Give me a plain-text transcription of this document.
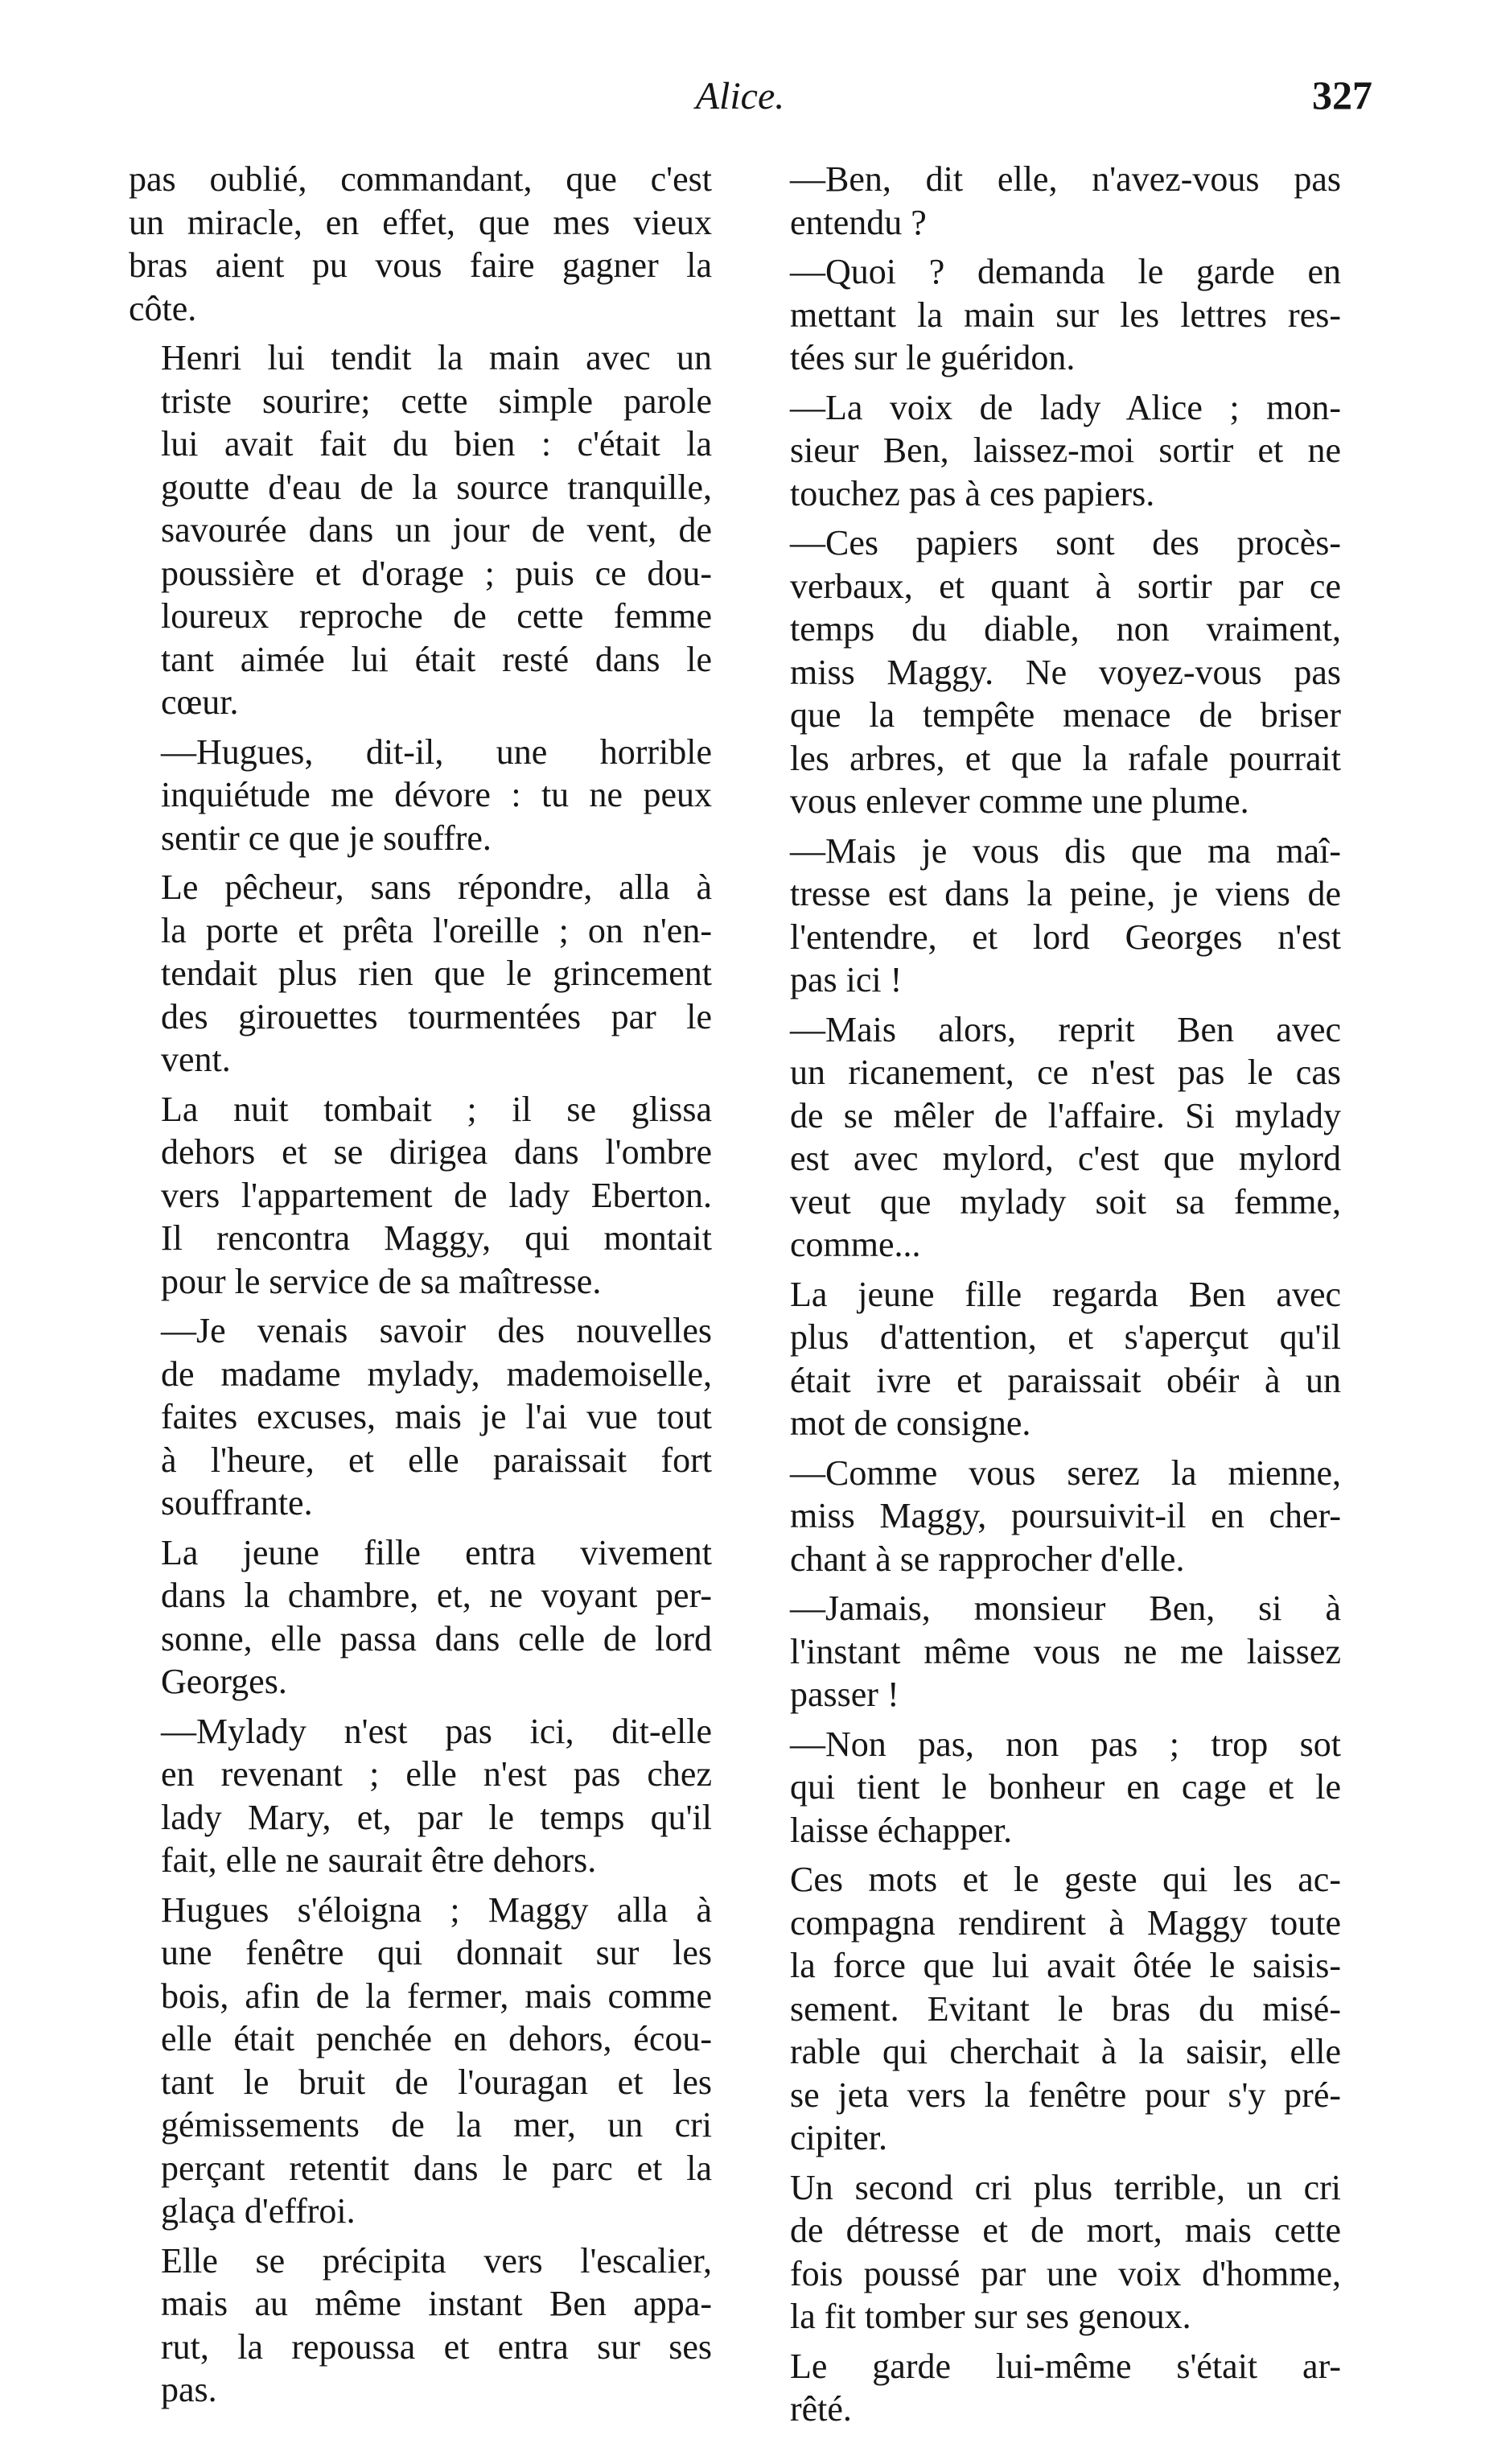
Alice.	327
pas oublié, commandant, que c'est
un miracle, en effet, que mes vieux
bras aient pu vous faire gagner la
côte.
Henri lui tendit la main avec un
triste sourire; cette simple parole
lui avait fait du bien : c'était la
goutte d'eau de la source tranquille,
savourée dans un jour de vent, de
poussière et d'orage ; puis ce dou-
loureux reproche de cette femme
tant aimée lui était resté dans le
cœur.
—Hugues, dit-il, une horrible
inquiétude me dévore : tu ne peux
sentir ce que je souffre.
Le pêcheur, sans répondre, alla à
la porte et prêta l'oreille ; on n'en-
tendait plus rien que le grincement
des girouettes tourmentées par le
vent.
La nuit tombait ; il se glissa
dehors et se dirigea dans l'ombre
vers l'appartement de lady Eberton.
Il rencontra Maggy, qui montait
pour le service de sa maîtresse.
—Je venais savoir des nouvelles
de madame mylady, mademoiselle,
faites excuses, mais je l'ai vue tout
à l'heure, et elle paraissait fort
souffrante.
La jeune fille entra vivement
dans la chambre, et, ne voyant per-
sonne, elle passa dans celle de lord
Georges.
—Mylady n'est pas ici, dit-elle
en revenant ; elle n'est pas chez
lady Mary, et, par le temps qu'il
fait, elle ne saurait être dehors.
Hugues s'éloigna ; Maggy alla à
une fenêtre qui donnait sur les
bois, afin de la fermer, mais comme
elle était penchée en dehors, écou-
tant le bruit de l'ouragan et les
gémissements de la mer, un cri
perçant retentit dans le parc et la
glaça d'effroi.
Elle se précipita vers l'escalier,
mais au même instant Ben appa-
rut, la repoussa et entra sur ses
pas.
—Ben, dit elle, n'avez-vous pas
entendu ?
—Quoi ? demanda le garde en
mettant la main sur les lettres res-
tées sur le guéridon.
—La voix de lady Alice ; mon-
sieur Ben, laissez-moi sortir et ne
touchez pas à ces papiers.
—Ces papiers sont des procès-
verbaux, et quant à sortir par ce
temps du diable, non vraiment,
miss Maggy. Ne voyez-vous pas
que la tempête menace de briser
les arbres, et que la rafale pourrait
vous enlever comme une plume.
—Mais je vous dis que ma maî-
tresse est dans la peine, je viens de
l'entendre, et lord Georges n'est
pas ici !
—Mais alors, reprit Ben avec
un ricanement, ce n'est pas le cas
de se mêler de l'affaire. Si mylady
est avec mylord, c'est que mylord
veut que mylady soit sa femme,
comme...
La jeune fille regarda Ben avec
plus d'attention, et s'aperçut qu'il
était ivre et paraissait obéir à un
mot de consigne.
—Comme vous serez la mienne,
miss Maggy, poursuivit-il en cher-
chant à se rapprocher d'elle.
—Jamais, monsieur Ben, si à
l'instant même vous ne me laissez
passer !
—Non pas, non pas ; trop sot
qui tient le bonheur en cage et le
laisse échapper.
Ces mots et le geste qui les ac-
compagna rendirent à Maggy toute
la force que lui avait ôtée le saisis-
sement. Evitant le bras du misé-
rable qui cherchait à la saisir, elle
se jeta vers la fenêtre pour s'y pré-
cipiter.
Un second cri plus terrible, un cri
de détresse et de mort, mais cette
fois poussé par une voix d'homme,
la fit tomber sur ses genoux.
Le garde lui-même s'était ar-
rêté.
